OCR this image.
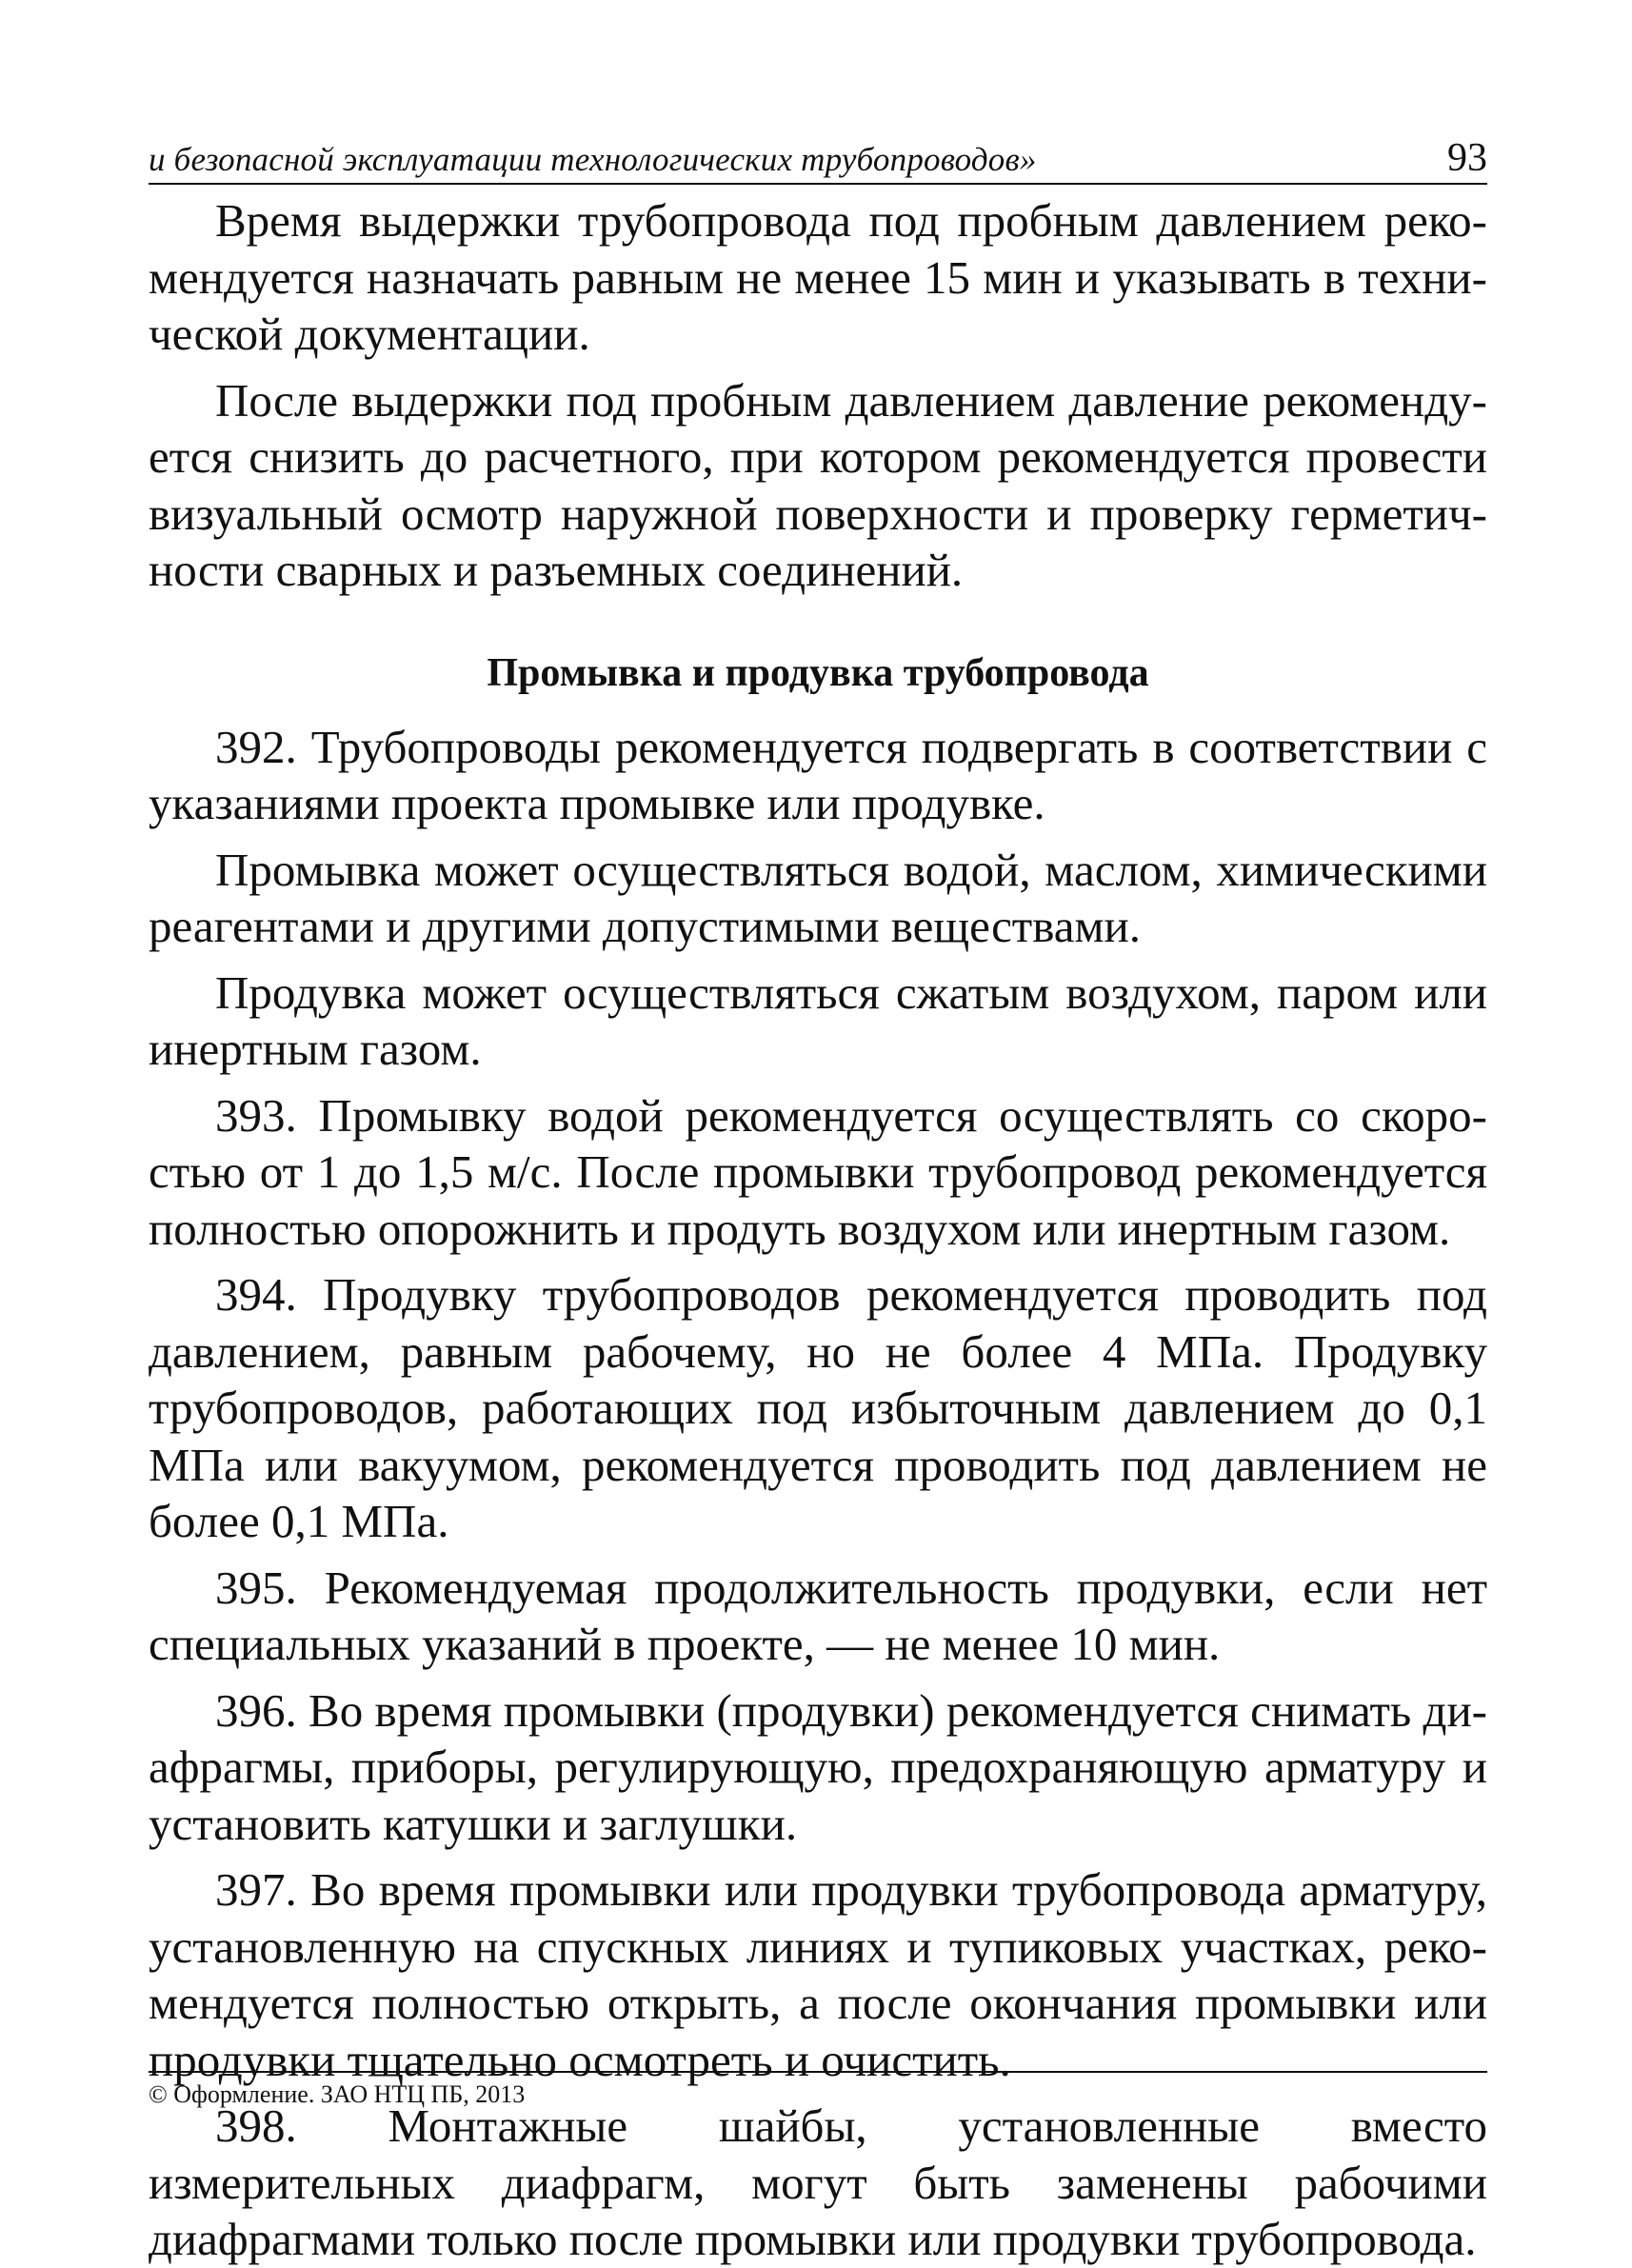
и безопасной эксплуатации технологических трубопроводов»	93

Время выдержки трубопровода под пробным давлением рекомендуется назначать равным не менее 15 мин и указывать в технической документации.

После выдержки под пробным давлением давление рекомендуется снизить до расчетного, при котором рекомендуется провести визуальный осмотр наружной поверхности и проверку герметичности сварных и разъемных соединений.

Промывка и продувка трубопровода

392. Трубопроводы рекомендуется подвергать в соответствии с указаниями проекта промывке или продувке.

Промывка может осуществляться водой, маслом, химическими реагентами и другими допустимыми веществами.

Продувка может осуществляться сжатым воздухом, паром или инертным газом.

393. Промывку водой рекомендуется осуществлять со скоростью от 1 до 1,5 м/с. После промывки трубопровод рекомендуется полностью опорожнить и продуть воздухом или инертным газом.

394. Продувку трубопроводов рекомендуется проводить под давлением, равным рабочему, но не более 4 МПа. Продувку трубопроводов, работающих под избыточным давлением до 0,1 МПа или вакуумом, рекомендуется проводить под давлением не более 0,1 МПа.

395. Рекомендуемая продолжительность продувки, если нет специальных указаний в проекте, — не менее 10 мин.

396. Во время промывки (продувки) рекомендуется снимать диафрагмы, приборы, регулирующую, предохраняющую арматуру и установить катушки и заглушки.

397. Во время промывки или продувки трубопровода арматуру, установленную на спускных линиях и тупиковых участках, рекомендуется полностью открыть, а после окончания промывки или продувки тщательно осмотреть и очистить.

398. Монтажные шайбы, установленные вместо измерительных диафрагм, могут быть заменены рабочими диафрагмами только после промывки или продувки трубопровода.

© Оформление. ЗАО НТЦ ПБ, 2013
